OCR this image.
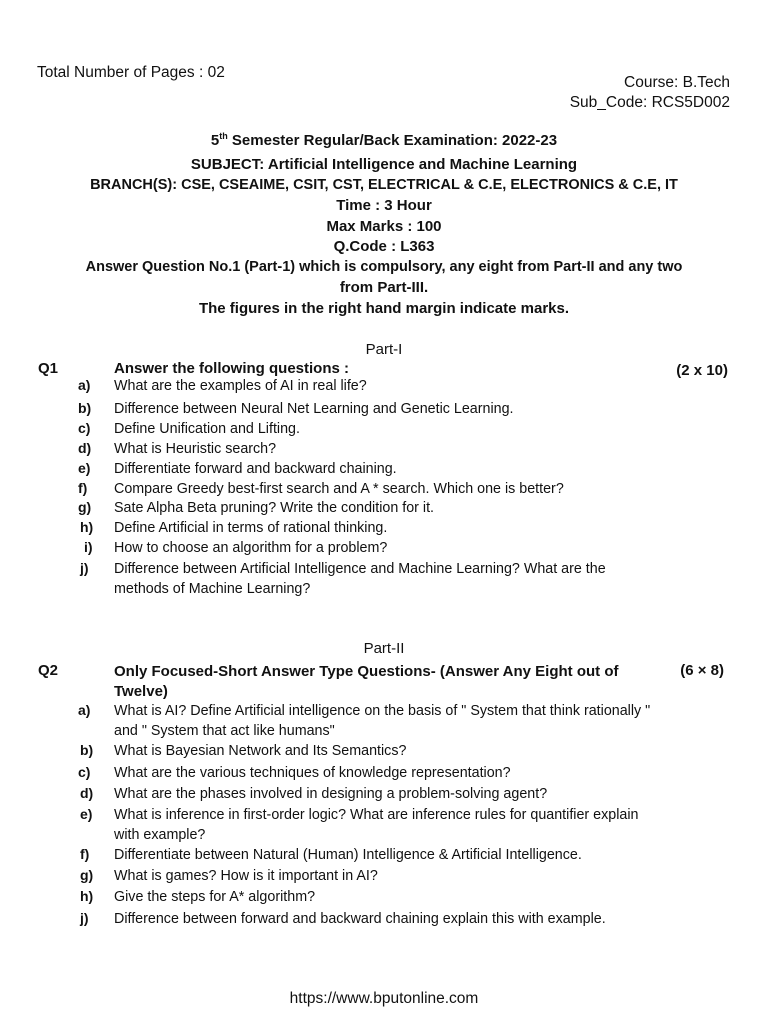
Total Number of Pages : 02
Course: B.Tech
Sub_Code: RCS5D002
5th Semester Regular/Back Examination: 2022-23
SUBJECT: Artificial Intelligence and Machine Learning
BRANCH(S): CSE, CSEAIME, CSIT, CST, ELECTRICAL & C.E, ELECTRONICS & C.E, IT
Time : 3 Hour
Max Marks : 100
Q.Code : L363
Answer Question No.1 (Part-1) which is compulsory, any eight from Part-II and any two
from Part-III.
The figures in the right hand margin indicate marks.
Part-I
Q1	Answer the following questions :	(2 x 10)
a) What are the examples of AI in real life?
b) Difference between Neural Net Learning and Genetic Learning.
c) Define Unification and Lifting.
d) What is Heuristic search?
e) Differentiate forward and backward chaining.
f) Compare Greedy best-first search and A * search. Which one is better?
g) Sate Alpha Beta pruning? Write the condition for it.
h) Define Artificial in terms of rational thinking.
i) How to choose an algorithm for a problem?
j) Difference between Artificial Intelligence and Machine Learning? What are the methods of Machine Learning?
Part-II
Q2	Only Focused-Short Answer Type Questions- (Answer Any Eight out of Twelve)
(6 × 8)
a) What is AI? Define Artificial intelligence on the basis of " System that think rationally " and " System that act like humans"
b) What is Bayesian Network and Its Semantics?
c) What are the various techniques of knowledge representation?
d) What are the phases involved in designing a problem-solving agent?
e) What is inference in first-order logic? What are inference rules for quantifier explain with example?
f) Differentiate between Natural (Human) Intelligence & Artificial Intelligence.
g) What is games? How is it important in AI?
h) Give the steps for A* algorithm?
j) Difference between forward and backward chaining explain this with example.
https://www.bputonline.com
